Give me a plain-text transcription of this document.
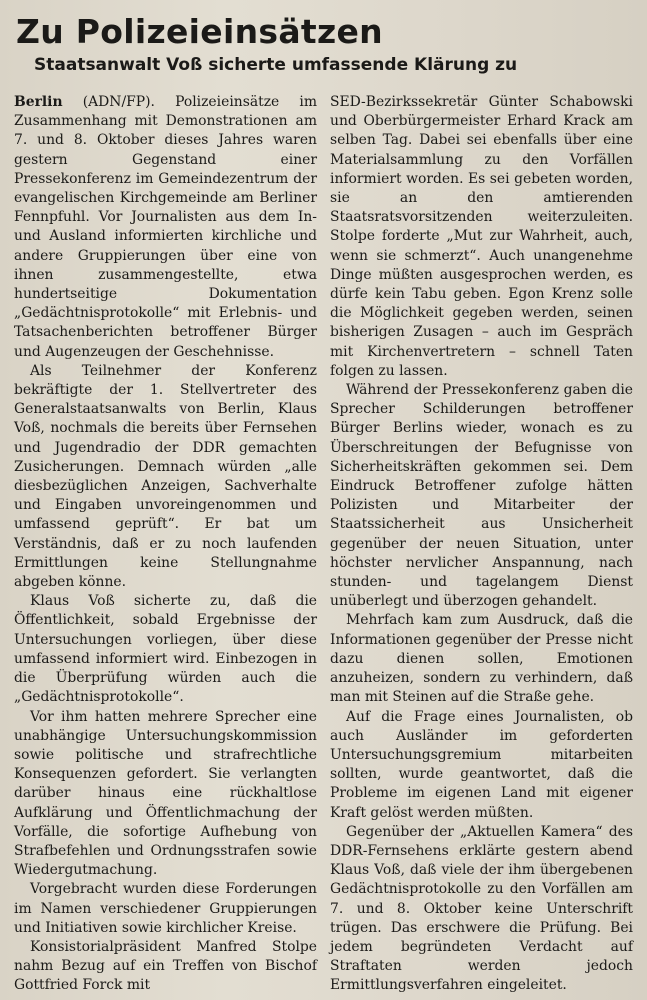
Zu Polizeieinsätzen
Staatsanwalt Voß sicherte umfassende Klärung zu

Berlin (ADN/FP). Polizeieinsätze im Zusammenhang mit Demonstrationen am 7. und 8. Oktober dieses Jahres waren gestern Gegenstand einer Pressekonferenz im Gemeindezentrum der evangelischen Kirchgemeinde am Berliner Fennpfuhl. Vor Journalisten aus dem In- und Ausland informierten kirchliche und andere Gruppierungen über eine von ihnen zusammengestellte, etwa hundertseitige Dokumentation „Gedächtnisprotokolle“ mit Erlebnis- und Tatsachenberichten betroffener Bürger und Augenzeugen der Geschehnisse.

Als Teilnehmer der Konferenz bekräftigte der 1. Stellvertreter des Generalstaatsanwalts von Berlin, Klaus Voß, nochmals die bereits über Fernsehen und Jugendradio der DDR gemachten Zusicherungen. Demnach würden „alle diesbezüglichen Anzeigen, Sachverhalte und Eingaben unvoreingenommen und umfassend geprüft“. Er bat um Verständnis, daß er zu noch laufenden Ermittlungen keine Stellungnahme abgeben könne.

Klaus Voß sicherte zu, daß die Öffentlichkeit, sobald Ergebnisse der Untersuchungen vorliegen, über diese umfassend informiert wird. Einbezogen in die Überprüfung würden auch die „Gedächtnisprotokolle“.

Vor ihm hatten mehrere Sprecher eine unabhängige Untersuchungskommission sowie politische und strafrechtliche Konsequenzen gefordert. Sie verlangten darüber hinaus eine rückhaltlose Aufklärung und Öffentlichmachung der Vorfälle, die sofortige Aufhebung von Strafbefehlen und Ordnungsstrafen sowie Wiedergutmachung.

Vorgebracht wurden diese Forderungen im Namen verschiedener Gruppierungen und Initiativen sowie kirchlicher Kreise.

Konsistorialpräsident Manfred Stolpe nahm Bezug auf ein Treffen von Bischof Gottfried Forck mit

SED-Bezirkssekretär Günter Schabowski und Oberbürgermeister Erhard Krack am selben Tag. Dabei sei ebenfalls über eine Materialsammlung zu den Vorfällen informiert worden. Es sei gebeten worden, sie an den amtierenden Staatsratsvorsitzenden weiterzuleiten. Stolpe forderte „Mut zur Wahrheit, auch, wenn sie schmerzt“. Auch unangenehme Dinge müßten ausgesprochen werden, es dürfe kein Tabu geben. Egon Krenz solle die Möglichkeit gegeben werden, seinen bisherigen Zusagen – auch im Gespräch mit Kirchenvertretern – schnell Taten folgen zu lassen.

Während der Pressekonferenz gaben die Sprecher Schilderungen betroffener Bürger Berlins wieder, wonach es zu Überschreitungen der Befugnisse von Sicherheitskräften gekommen sei. Dem Eindruck Betroffener zufolge hätten Polizisten und Mitarbeiter der Staatssicherheit aus Unsicherheit gegenüber der neuen Situation, unter höchster nervlicher Anspannung, nach stunden- und tagelangem Dienst unüberlegt und überzogen gehandelt.

Mehrfach kam zum Ausdruck, daß die Informationen gegenüber der Presse nicht dazu dienen sollen, Emotionen anzuheizen, sondern zu verhindern, daß man mit Steinen auf die Straße gehe.

Auf die Frage eines Journalisten, ob auch Ausländer im geforderten Untersuchungsgremium mitarbeiten sollten, wurde geantwortet, daß die Probleme im eigenen Land mit eigener Kraft gelöst werden müßten.

Gegenüber der „Aktuellen Kamera“ des DDR-Fernsehens erklärte gestern abend Klaus Voß, daß viele der ihm übergebenen Gedächtnisprotokolle zu den Vorfällen am 7. und 8. Oktober keine Unterschrift trügen. Das erschwere die Prüfung. Bei jedem begründeten Verdacht auf Straftaten werden jedoch Ermittlungsverfahren eingeleitet.
